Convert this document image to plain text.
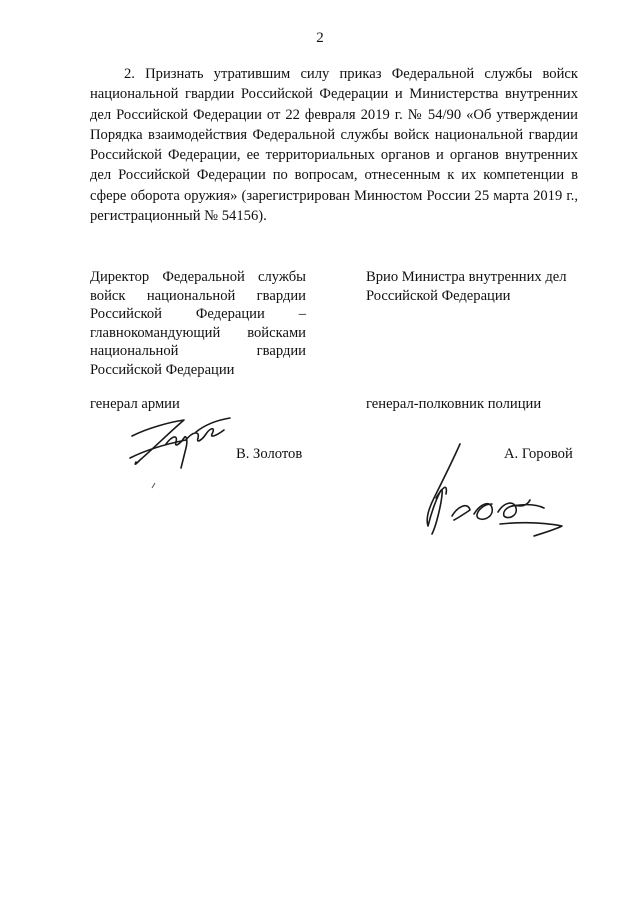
2

2. Признать утратившим силу приказ Федеральной службы войск национальной гвардии Российской Федерации и Министерства внутренних дел Российской Федерации от 22 февраля 2019 г. № 54/90 «Об утверждении Порядка взаимодействия Федеральной службы войск национальной гвардии Российской Федерации, ее территориальных органов и органов внутренних дел Российской Федерации по вопросам, отнесенным к их компетенции в сфере оборота оружия» (зарегистрирован Минюстом России 25 марта 2019 г., регистрационный № 54156).

Директор Федеральной службы войск национальной гвардии Российской Федерации – главнокомандующий войсками национальной гвардии Российской Федерации

Врио Министра внутренних дел Российской Федерации

генерал армии	генерал-полковник полиции
В. Золотов	А. Горовой
